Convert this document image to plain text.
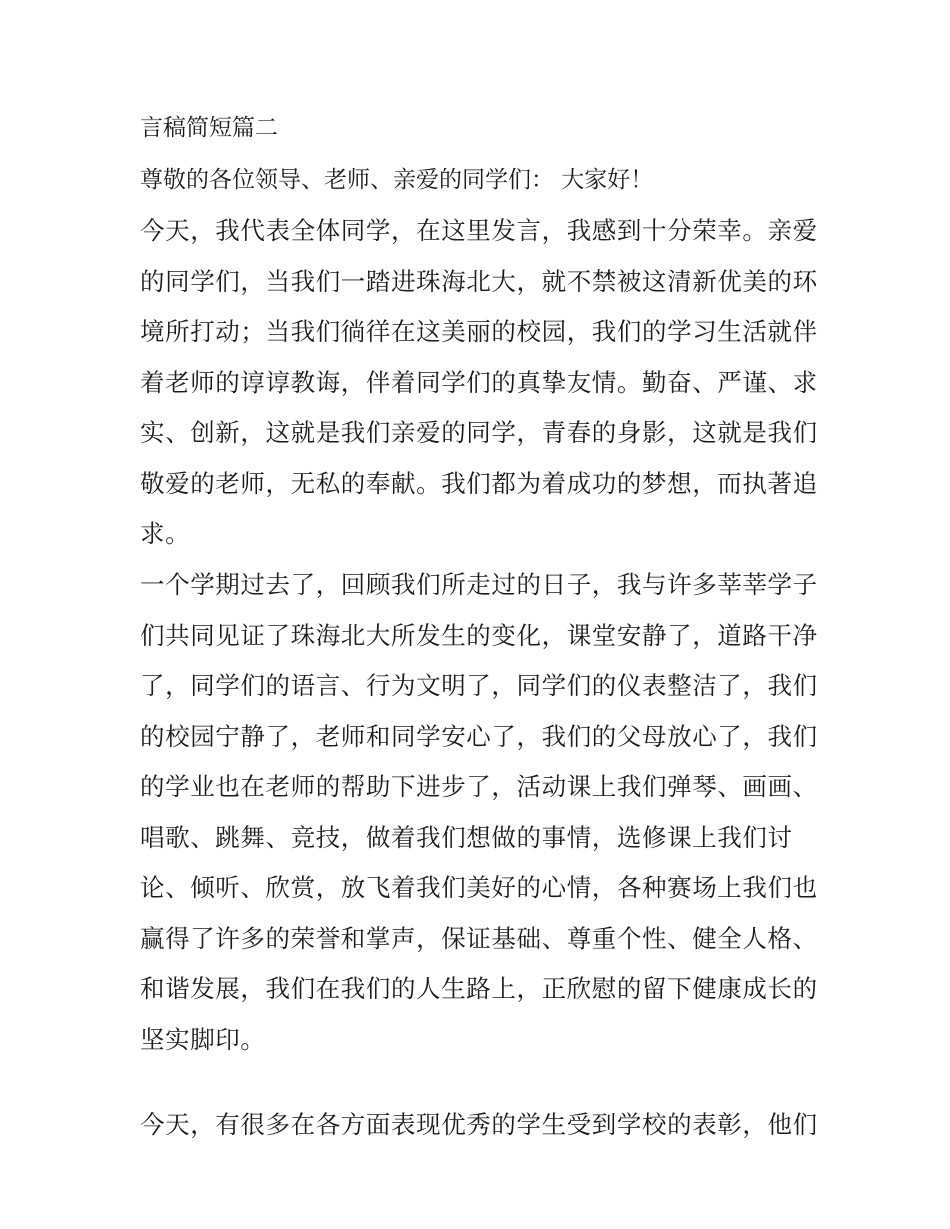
言稿简短篇二
尊敬的各位领导、老师、亲爱的同学们： 大家好！
今天，我代表全体同学，在这里发言，我感到十分荣幸。亲爱
的同学们，当我们一踏进珠海北大，就不禁被这清新优美的环
境所打动；当我们徜徉在这美丽的校园，我们的学习生活就伴
着老师的谆谆教诲，伴着同学们的真挚友情。勤奋、严谨、求
实、创新，这就是我们亲爱的同学，青春的身影，这就是我们
敬爱的老师，无私的奉献。我们都为着成功的梦想，而执著追
求。
一个学期过去了，回顾我们所走过的日子，我与许多莘莘学子
们共同见证了珠海北大所发生的变化，课堂安静了，道路干净
了，同学们的语言、行为文明了，同学们的仪表整洁了，我们
的校园宁静了，老师和同学安心了，我们的父母放心了，我们
的学业也在老师的帮助下进步了，活动课上我们弹琴、画画、
唱歌、跳舞、竞技，做着我们想做的事情，选修课上我们讨
论、倾听、欣赏，放飞着我们美好的心情，各种赛场上我们也
赢得了许多的荣誉和掌声，保证基础、尊重个性、健全人格、
和谐发展，我们在我们的人生路上，正欣慰的留下健康成长的
坚实脚印。
今天，有很多在各方面表现优秀的学生受到学校的表彰，他们
